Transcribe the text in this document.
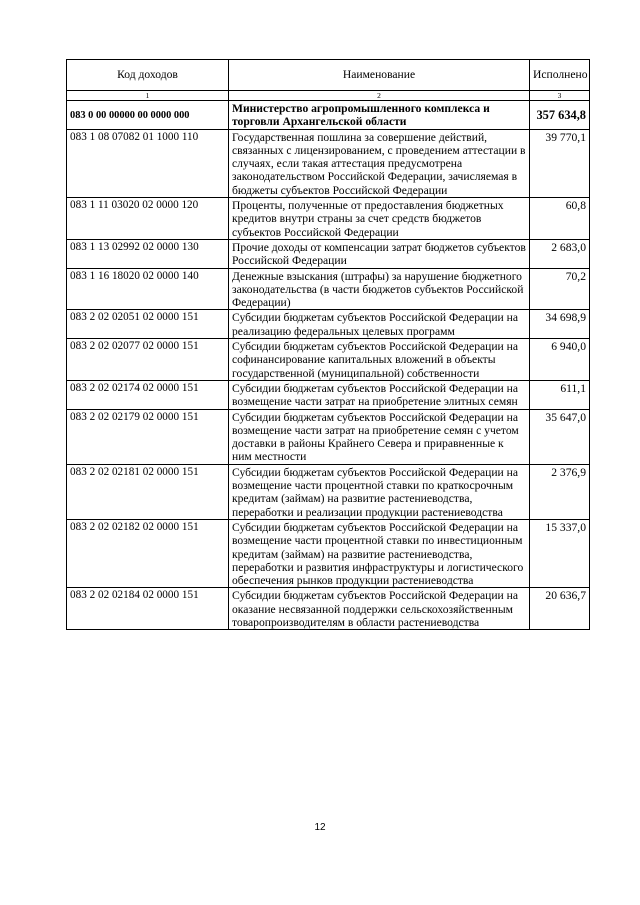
Код доходов	Наименование	Исполнено
1	2	3
083 0 00 00000 00 0000 000	Министерство агропромышленного комплекса и торговли Архангельской области	357 634,8
083 1 08 07082 01 1000 110	Государственная пошлина за совершение действий, связанных с лицензированием, с проведением аттестации в случаях, если такая аттестация предусмотрена законодательством Российской Федерации, зачисляемая в бюджеты субъектов Российской Федерации	39 770,1
083 1 11 03020 02 0000 120	Проценты, полученные от предоставления бюджетных кредитов внутри страны за счет средств бюджетов субъектов Российской Федерации	60,8
083 1 13 02992 02 0000 130	Прочие доходы от компенсации затрат бюджетов субъектов Российской Федерации	2 683,0
083 1 16 18020 02 0000 140	Денежные взыскания (штрафы) за нарушение бюджетного законодательства (в части бюджетов субъектов Российской Федерации)	70,2
083 2 02 02051 02 0000 151	Субсидии бюджетам субъектов Российской Федерации на реализацию федеральных целевых программ	34 698,9
083 2 02 02077 02 0000 151	Субсидии бюджетам субъектов Российской Федерации на софинансирование капитальных вложений в объекты государственной (муниципальной) собственности	6 940,0
083 2 02 02174 02 0000 151	Субсидии бюджетам субъектов Российской Федерации на возмещение части затрат на приобретение элитных семян	611,1
083 2 02 02179 02 0000 151	Субсидии бюджетам субъектов Российской Федерации на возмещение части затрат на приобретение семян с учетом доставки в районы Крайнего Севера и приравненные к ним местности	35 647,0
083 2 02 02181 02 0000 151	Субсидии бюджетам субъектов Российской Федерации на возмещение части процентной ставки по краткосрочным кредитам (займам) на развитие растениеводства, переработки и реализации продукции растениеводства	2 376,9
083 2 02 02182 02 0000 151	Субсидии бюджетам субъектов Российской Федерации на возмещение части процентной ставки по инвестиционным кредитам (займам) на развитие растениеводства, переработки и развития инфраструктуры и логистического обеспечения рынков продукции растениеводства	15 337,0
083 2 02 02184 02 0000 151	Субсидии бюджетам субъектов Российской Федерации на оказание несвязанной поддержки сельскохозяйственным товаропроизводителям в области растениеводства	20 636,7
12
